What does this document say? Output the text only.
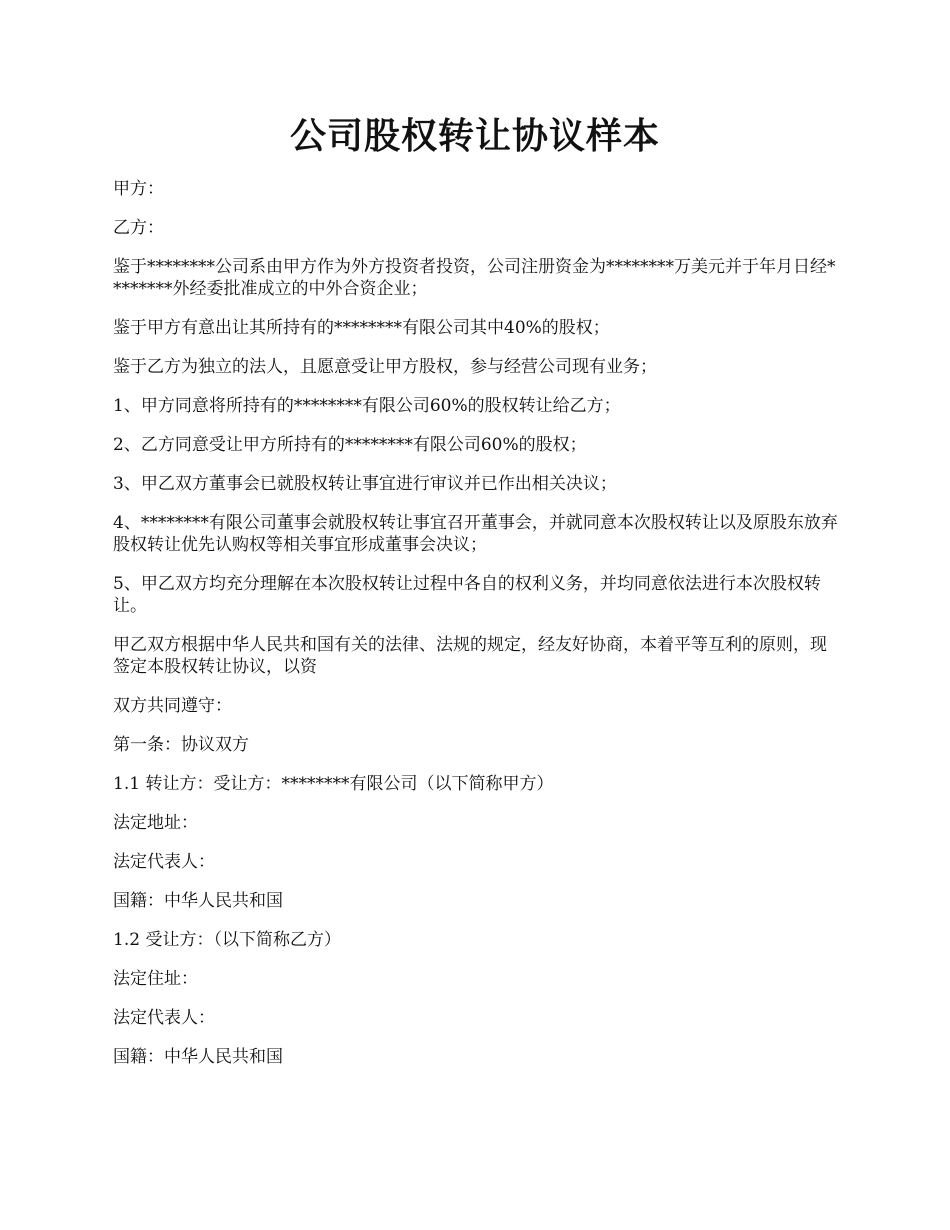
公司股权转让协议样本

甲方：

乙方：

鉴于********公司系由甲方作为外方投资者投资，公司注册资金为********万美元并于年月日经********外经委批准成立的中外合资企业；

鉴于甲方有意出让其所持有的********有限公司其中40%的股权；

鉴于乙方为独立的法人，且愿意受让甲方股权，参与经营公司现有业务；

1、甲方同意将所持有的********有限公司60%的股权转让给乙方；

2、乙方同意受让甲方所持有的********有限公司60%的股权；

3、甲乙双方董事会已就股权转让事宜进行审议并已作出相关决议；

4、********有限公司董事会就股权转让事宜召开董事会，并就同意本次股权转让以及原股东放弃股权转让优先认购权等相关事宜形成董事会决议；

5、甲乙双方均充分理解在本次股权转让过程中各自的权利义务，并均同意依法进行本次股权转让。

甲乙双方根据中华人民共和国有关的法律、法规的规定，经友好协商，本着平等互利的原则，现签定本股权转让协议，以资

双方共同遵守：

第一条：协议双方

1.1 转让方：受让方：********有限公司（以下简称甲方）

法定地址：

法定代表人：

国籍：中华人民共和国

1.2 受让方：（以下简称乙方）

法定住址：

法定代表人：

国籍：中华人民共和国
